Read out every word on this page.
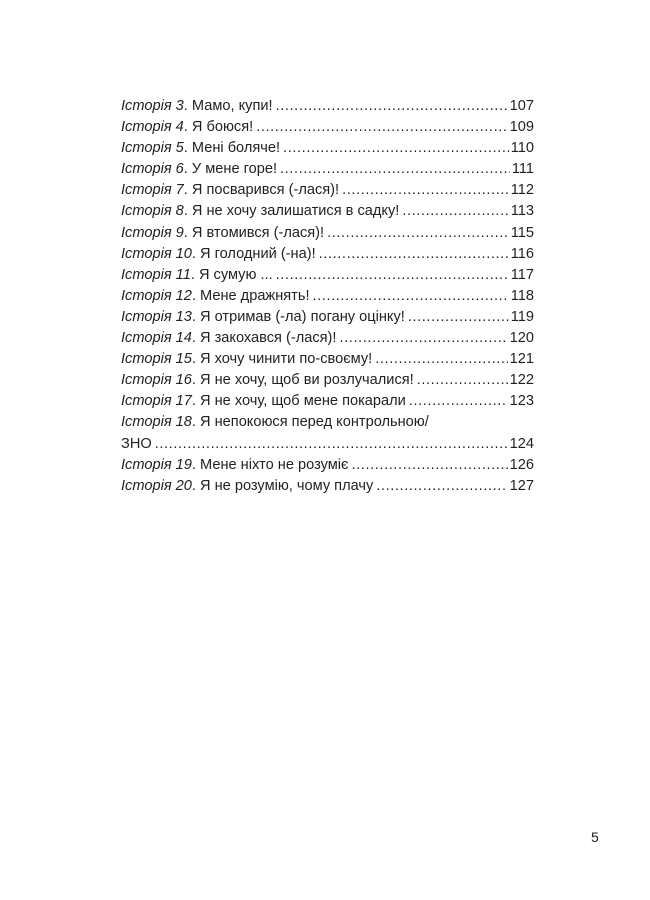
Історія 3. Мамо, купи! .....	107
Історія 4. Я боюся! .....	109
Історія 5. Мені боляче! .....	110
Історія 6. У мене горе! .....	111
Історія 7. Я посварився (-лася)! .....	112
Історія 8. Я не хочу залишатися в садку! .....	113
Історія 9. Я втомився (-лася)! .....	115
Історія 10. Я голодний (-на)! .....	116
Історія 11. Я сумую ... .....	117
Історія 12. Мене дражнять! .....	118
Історія 13. Я отримав (-ла) погану оцінку! .....	119
Історія 14. Я закохався (-лася)! .....	120
Історія 15. Я хочу чинити по-своєму! .....	121
Історія 16. Я не хочу, щоб ви розлучалися! .....	122
Історія 17. Я не хочу, щоб мене покарали .....	123
Історія 18. Я непокоюся перед контрольною/
ЗНО .....	124
Історія 19. Мене ніхто не розуміє .....	126
Історія 20. Я не розумію, чому плачу .....	127
5
